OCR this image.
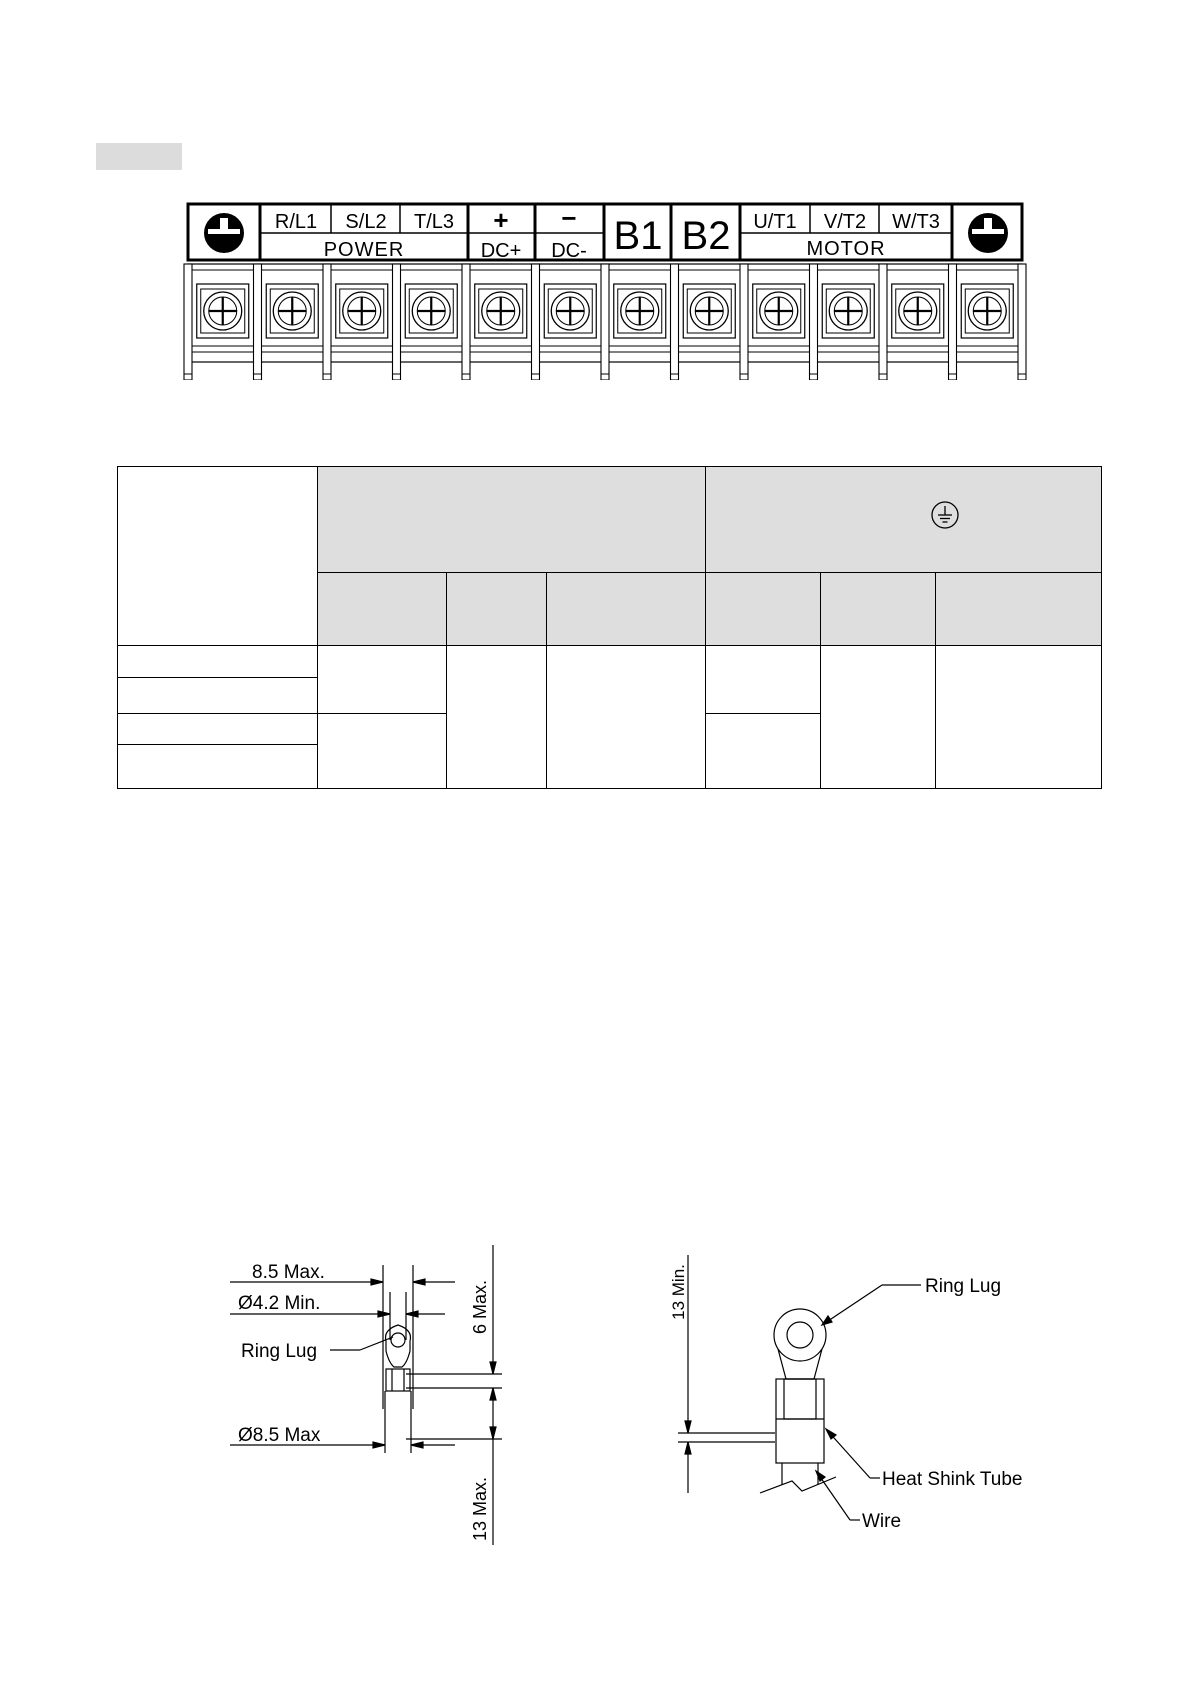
R/L1 S/L2 T/L3
POWER
+
DC+
−
DC- B1 B2 U/T1 V/T2 W/T3
MOTOR

8.5 Max.
Ø4.2 Min.
Ring Lug
Ø8.5 Max
6 Max.
13 Max.
13 Min.	Ring Lug
Heat Shink Tube
Wire
